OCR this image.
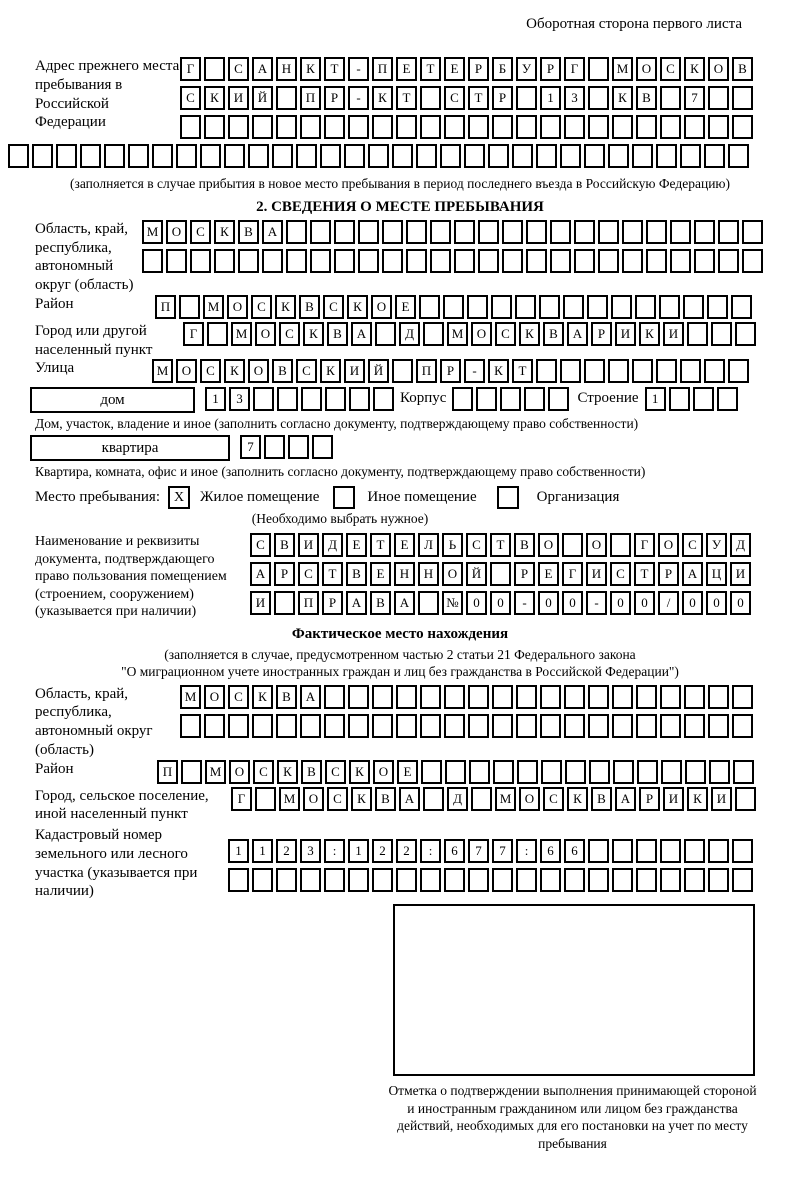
Оборотная сторона первого листа
Адрес прежнего места пребывания в Российской Федерации
Г	С	А	Н	К	Т	-	П	Е	Т	Е	Р	Б	У	Р	Г	М	О	С	К	О	В
С	К	И	Й	П	Р	-	К	Т	С	Т	Р	1	3	К	В	7
(заполняется в случае прибытия в новое место пребывания в период последнего въезда в Российскую Федерацию)
2. СВЕДЕНИЯ О МЕСТЕ ПРЕБЫВАНИЯ
Область, край, республика, автономный округ (область)
М	О	С	К	В	А
Район	П	М	О	С	К	В	С	К	О	Е
Город или другой населенный пункт
Г	М	О	С	К	В	А	Д	М	О	С	К	В	А	Р	И	К	И
Улица	М	О	С	К	О	В	С	К	И	Й	П	Р	-	К	Т
дом	1	3	Корпус	Строение	1
Дом, участок, владение и иное (заполнить согласно документу, подтверждающему право собственности)
квартира	7
Квартира, комната, офис и иное (заполнить согласно документу, подтверждающему право собственности)
Место пребывания: Х	Жилое помещение	Иное помещение	Организация
(Необходимо выбрать нужное)
Наименование и реквизиты документа, подтверждающего право пользования помещением (строением, сооружением) (указывается при наличии)
С	В	И	Д	Е	Т	Е	Л	Ь	С	Т	В	О	О	Г	О	С	У	Д
А	Р	С	Т	В	Е	Н	Н	О	Й	Р	Е	Г	И	С	Т	Р	А	Ц	И
И	П	Р	А	В	А	№	0	0	-	0	0	-	0	0	/	0	0	0
Фактическое место нахождения
(заполняется в случае, предусмотренном частью 2 статьи 21 Федерального закона
"О миграционном учете иностранных граждан и лиц без гражданства в Российской Федерации")
Область, край, республика, автономный округ (область)
М	О	С	К	В	А
Район	П	М	О	С	К	В	С	К	О	Е
Город, сельское поселение, иной населенный пункт
Г	М	О	С	К	В	А	Д	М	О	С	К	В	А	Р	И	К	И
Кадастровый номер земельного или лесного участка (указывается при наличии)
1	1	2	3	:	1	2	2	:	6	7	7	:	6	6
Отметка о подтверждении выполнения принимающей стороной и иностранным гражданином или лицом без гражданства действий, необходимых для его постановки на учет по месту пребывания
